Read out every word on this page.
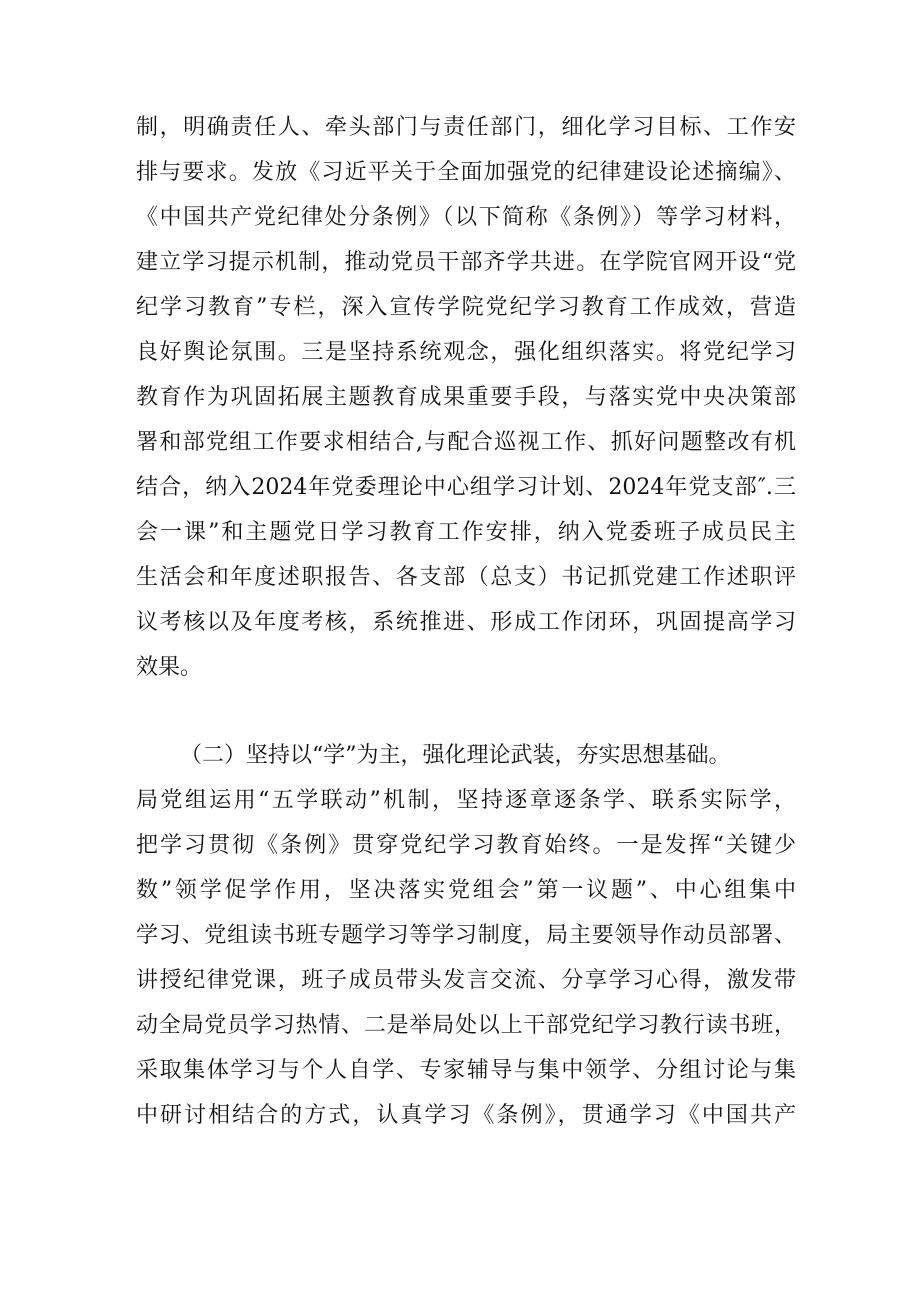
制，明确责任人、牵头部门与责任部门，细化学习目标、工作安
排与要求。发放《习近平关于全面加强党的纪律建设论述摘编》、
《中国共产党纪律处分条例》（以下简称《条例》）等学习材料，
建立学习提示机制，推动党员干部齐学共进。在学院官网开设“党
纪学习教育”专栏，深入宣传学院党纪学习教育工作成效，营造
良好舆论氛围。三是坚持系统观念，强化组织落实。将党纪学习
教育作为巩固拓展主题教育成果重要手段，与落实党中央决策部
署和部党组工作要求相结合,与配合巡视工作、抓好问题整改有机
结合，纳入2024年党委理论中心组学习计划、2024年党支部″.三
会一课”和主题党日学习教育工作安排，纳入党委班子成员民主
生活会和年度述职报告、各支部（总支）书记抓党建工作述职评
议考核以及年度考核，系统推进、形成工作闭环，巩固提高学习
效果。
（二）坚持以“学”为主，强化理论武装，夯实思想基础。
局党组运用“五学联动”机制，坚持逐章逐条学、联系实际学，
把学习贯彻《条例》贯穿党纪学习教育始终。一是发挥“关键少
数”领学促学作用，坚决落实党组会”第一议题”、中心组集中
学习、党组读书班专题学习等学习制度，局主要领导作动员部署、
讲授纪律党课，班子成员带头发言交流、分享学习心得，激发带
动全局党员学习热情、二是举局处以上干部党纪学习教行读书班，
采取集体学习与个人自学、专家辅导与集中领学、分组讨论与集
中研讨相结合的方式，认真学习《条例》，贯通学习《中国共产
